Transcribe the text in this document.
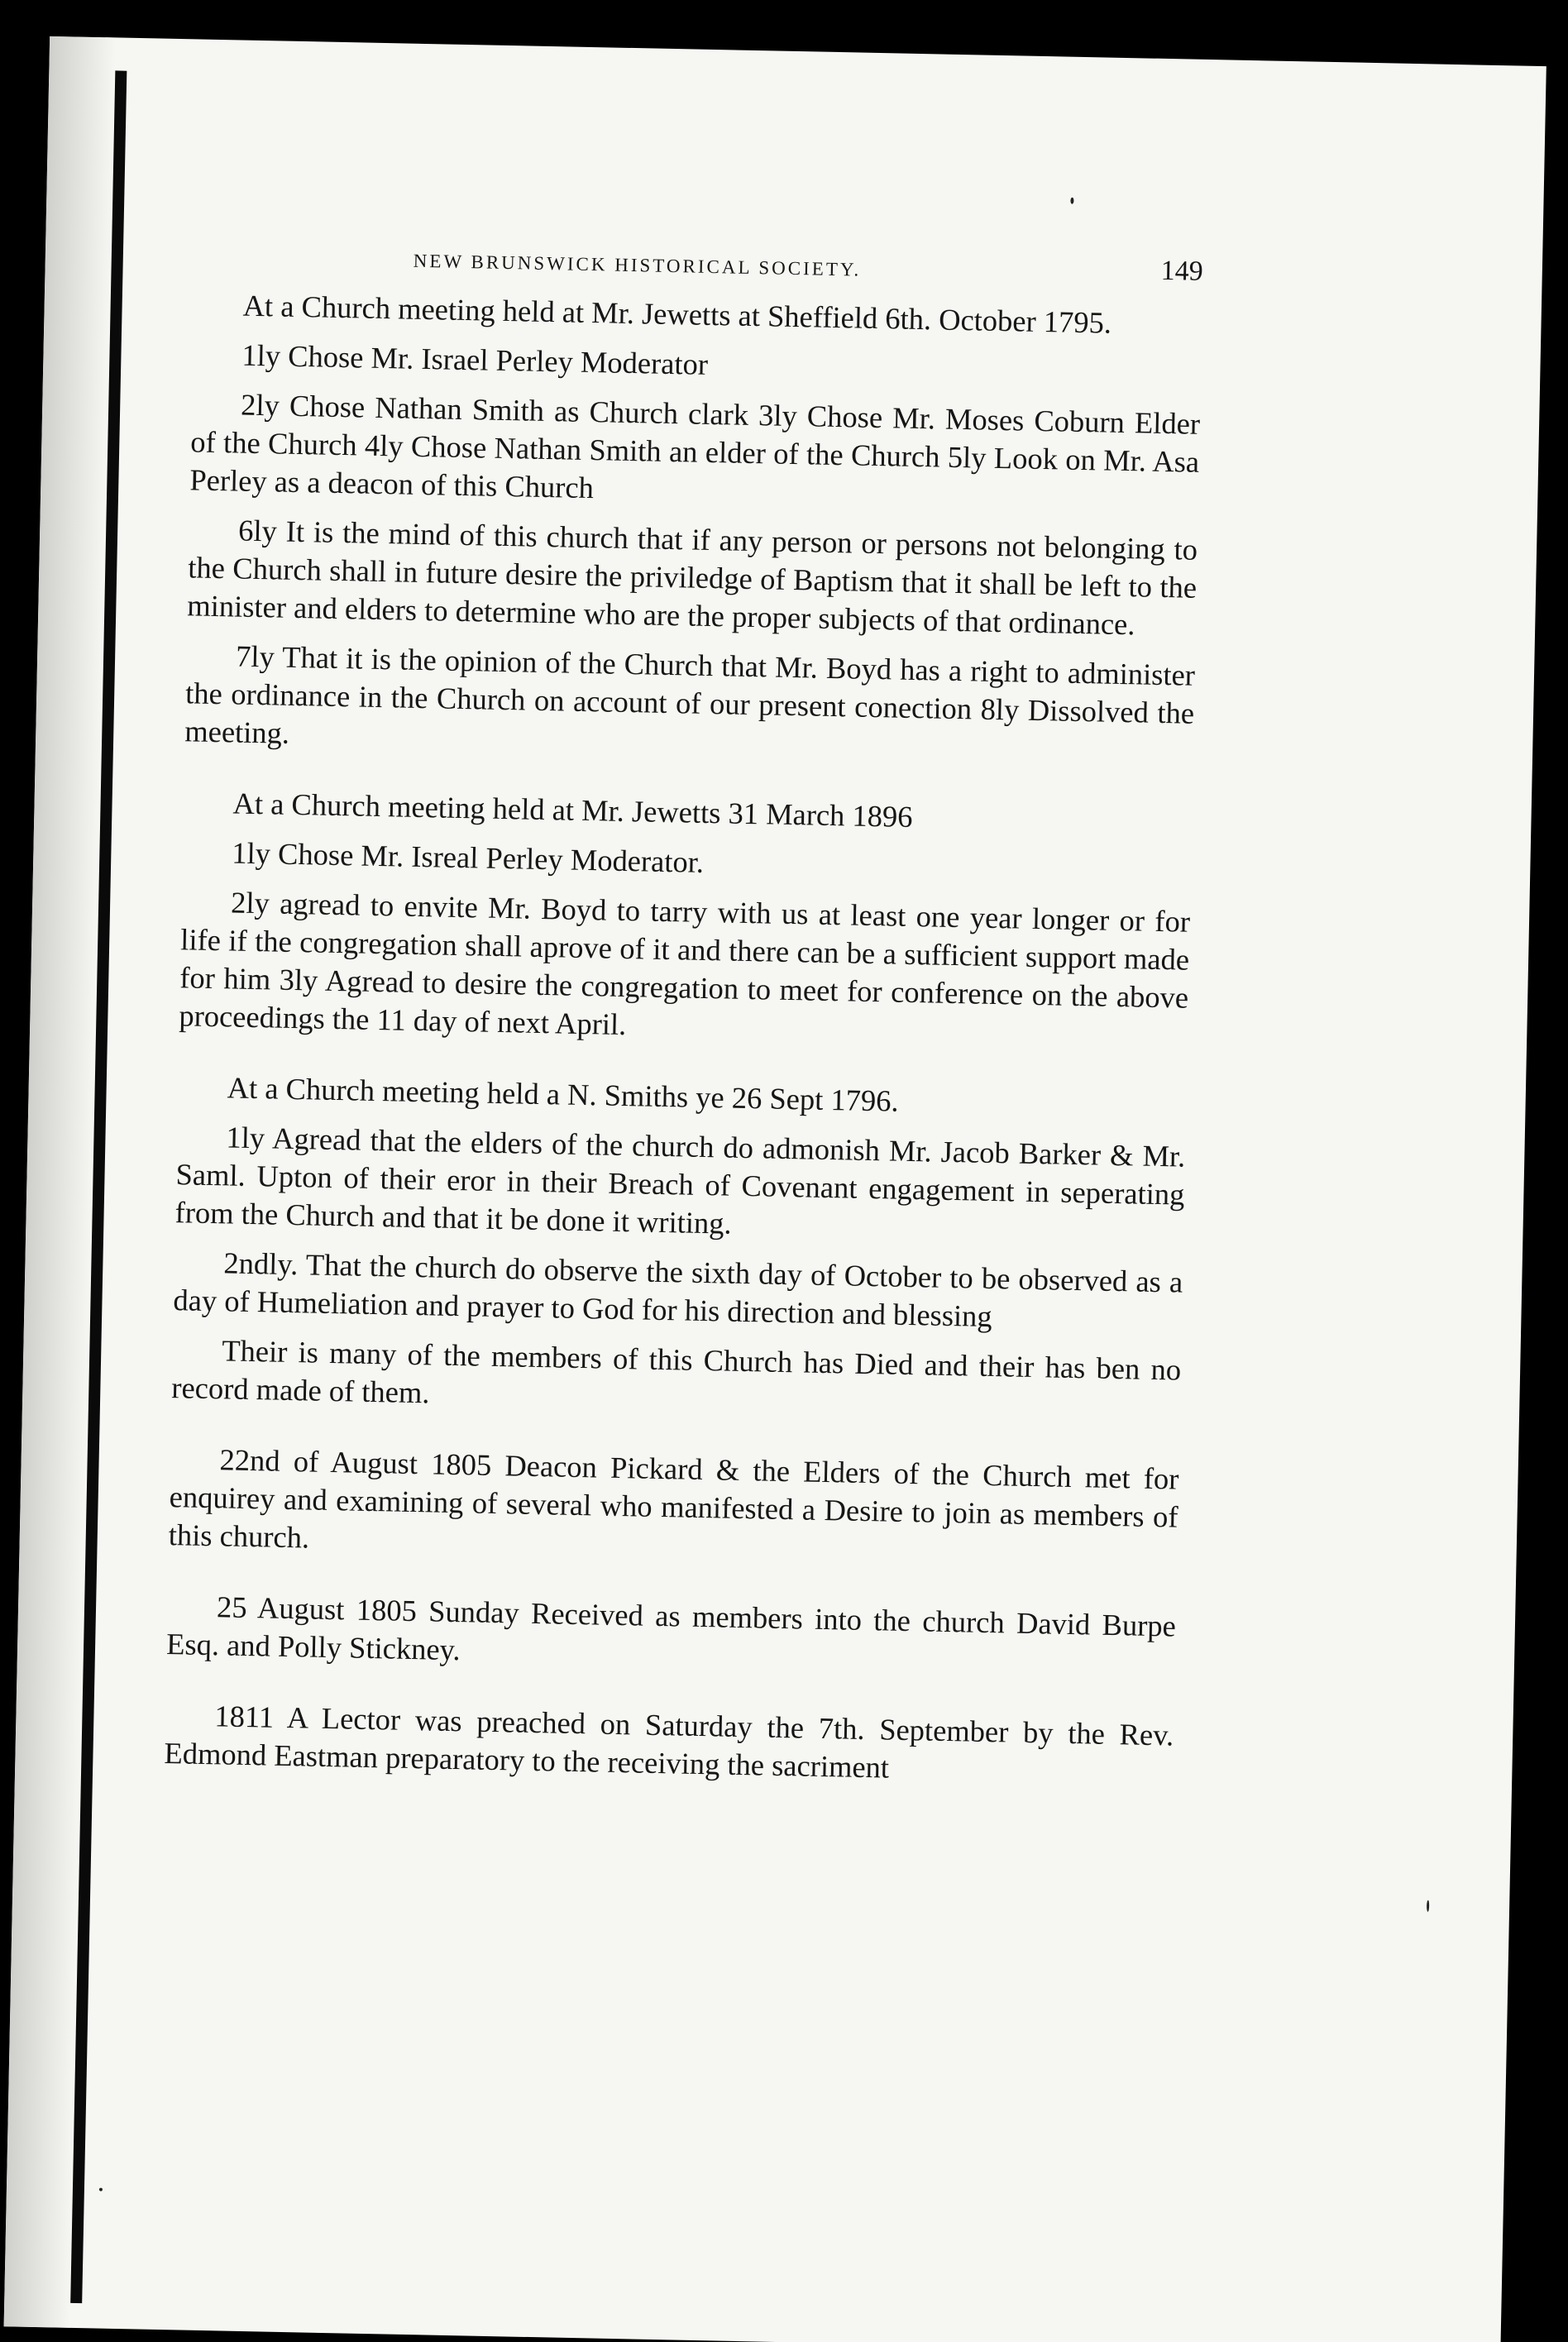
NEW BRUNSWICK HISTORICAL SOCIETY.	149

At a Church meeting held at Mr. Jewetts at Sheffield 6th. October 1795.

1ly Chose Mr. Israel Perley Moderator

2ly Chose Nathan Smith as Church clark 3ly Chose Mr. Moses Coburn Elder of the Church 4ly Chose Nathan Smith an elder of the Church 5ly Look on Mr. Asa Perley as a deacon of this Church

6ly It is the mind of this church that if any person or persons not belonging to the Church shall in future desire the priviledge of Baptism that it shall be left to the minister and elders to determine who are the proper subjects of that ordinance.

7ly That it is the opinion of the Church that Mr. Boyd has a right to administer the ordinance in the Church on account of our present conection 8ly Dissolved the meeting.

At a Church meeting held at Mr. Jewetts 31 March 1896

1ly Chose Mr. Isreal Perley Moderator.

2ly agread to envite Mr. Boyd to tarry with us at least one year longer or for life if the congregation shall aprove of it and there can be a sufficient support made for him 3ly Agread to desire the congregation to meet for conference on the above proceedings the 11 day of next April.

At a Church meeting held a N. Smiths ye 26 Sept 1796.

1ly Agread that the elders of the church do admonish Mr. Jacob Barker & Mr. Saml. Upton of their eror in their Breach of Covenant engagement in seperating from the Church and that it be done it writing.

2ndly. That the church do observe the sixth day of October to be observed as a day of Humeliation and prayer to God for his direction and blessing

Their is many of the members of this Church has Died and their has ben no record made of them.

22nd of August 1805 Deacon Pickard & the Elders of the Church met for enquirey and examining of several who manifested a Desire to join as members of this church.

25 August 1805 Sunday Received as members into the church David Burpe Esq. and Polly Stickney.

1811 A Lector was preached on Saturday the 7th. September by the Rev. Edmond Eastman preparatory to the receiving the sacriment
